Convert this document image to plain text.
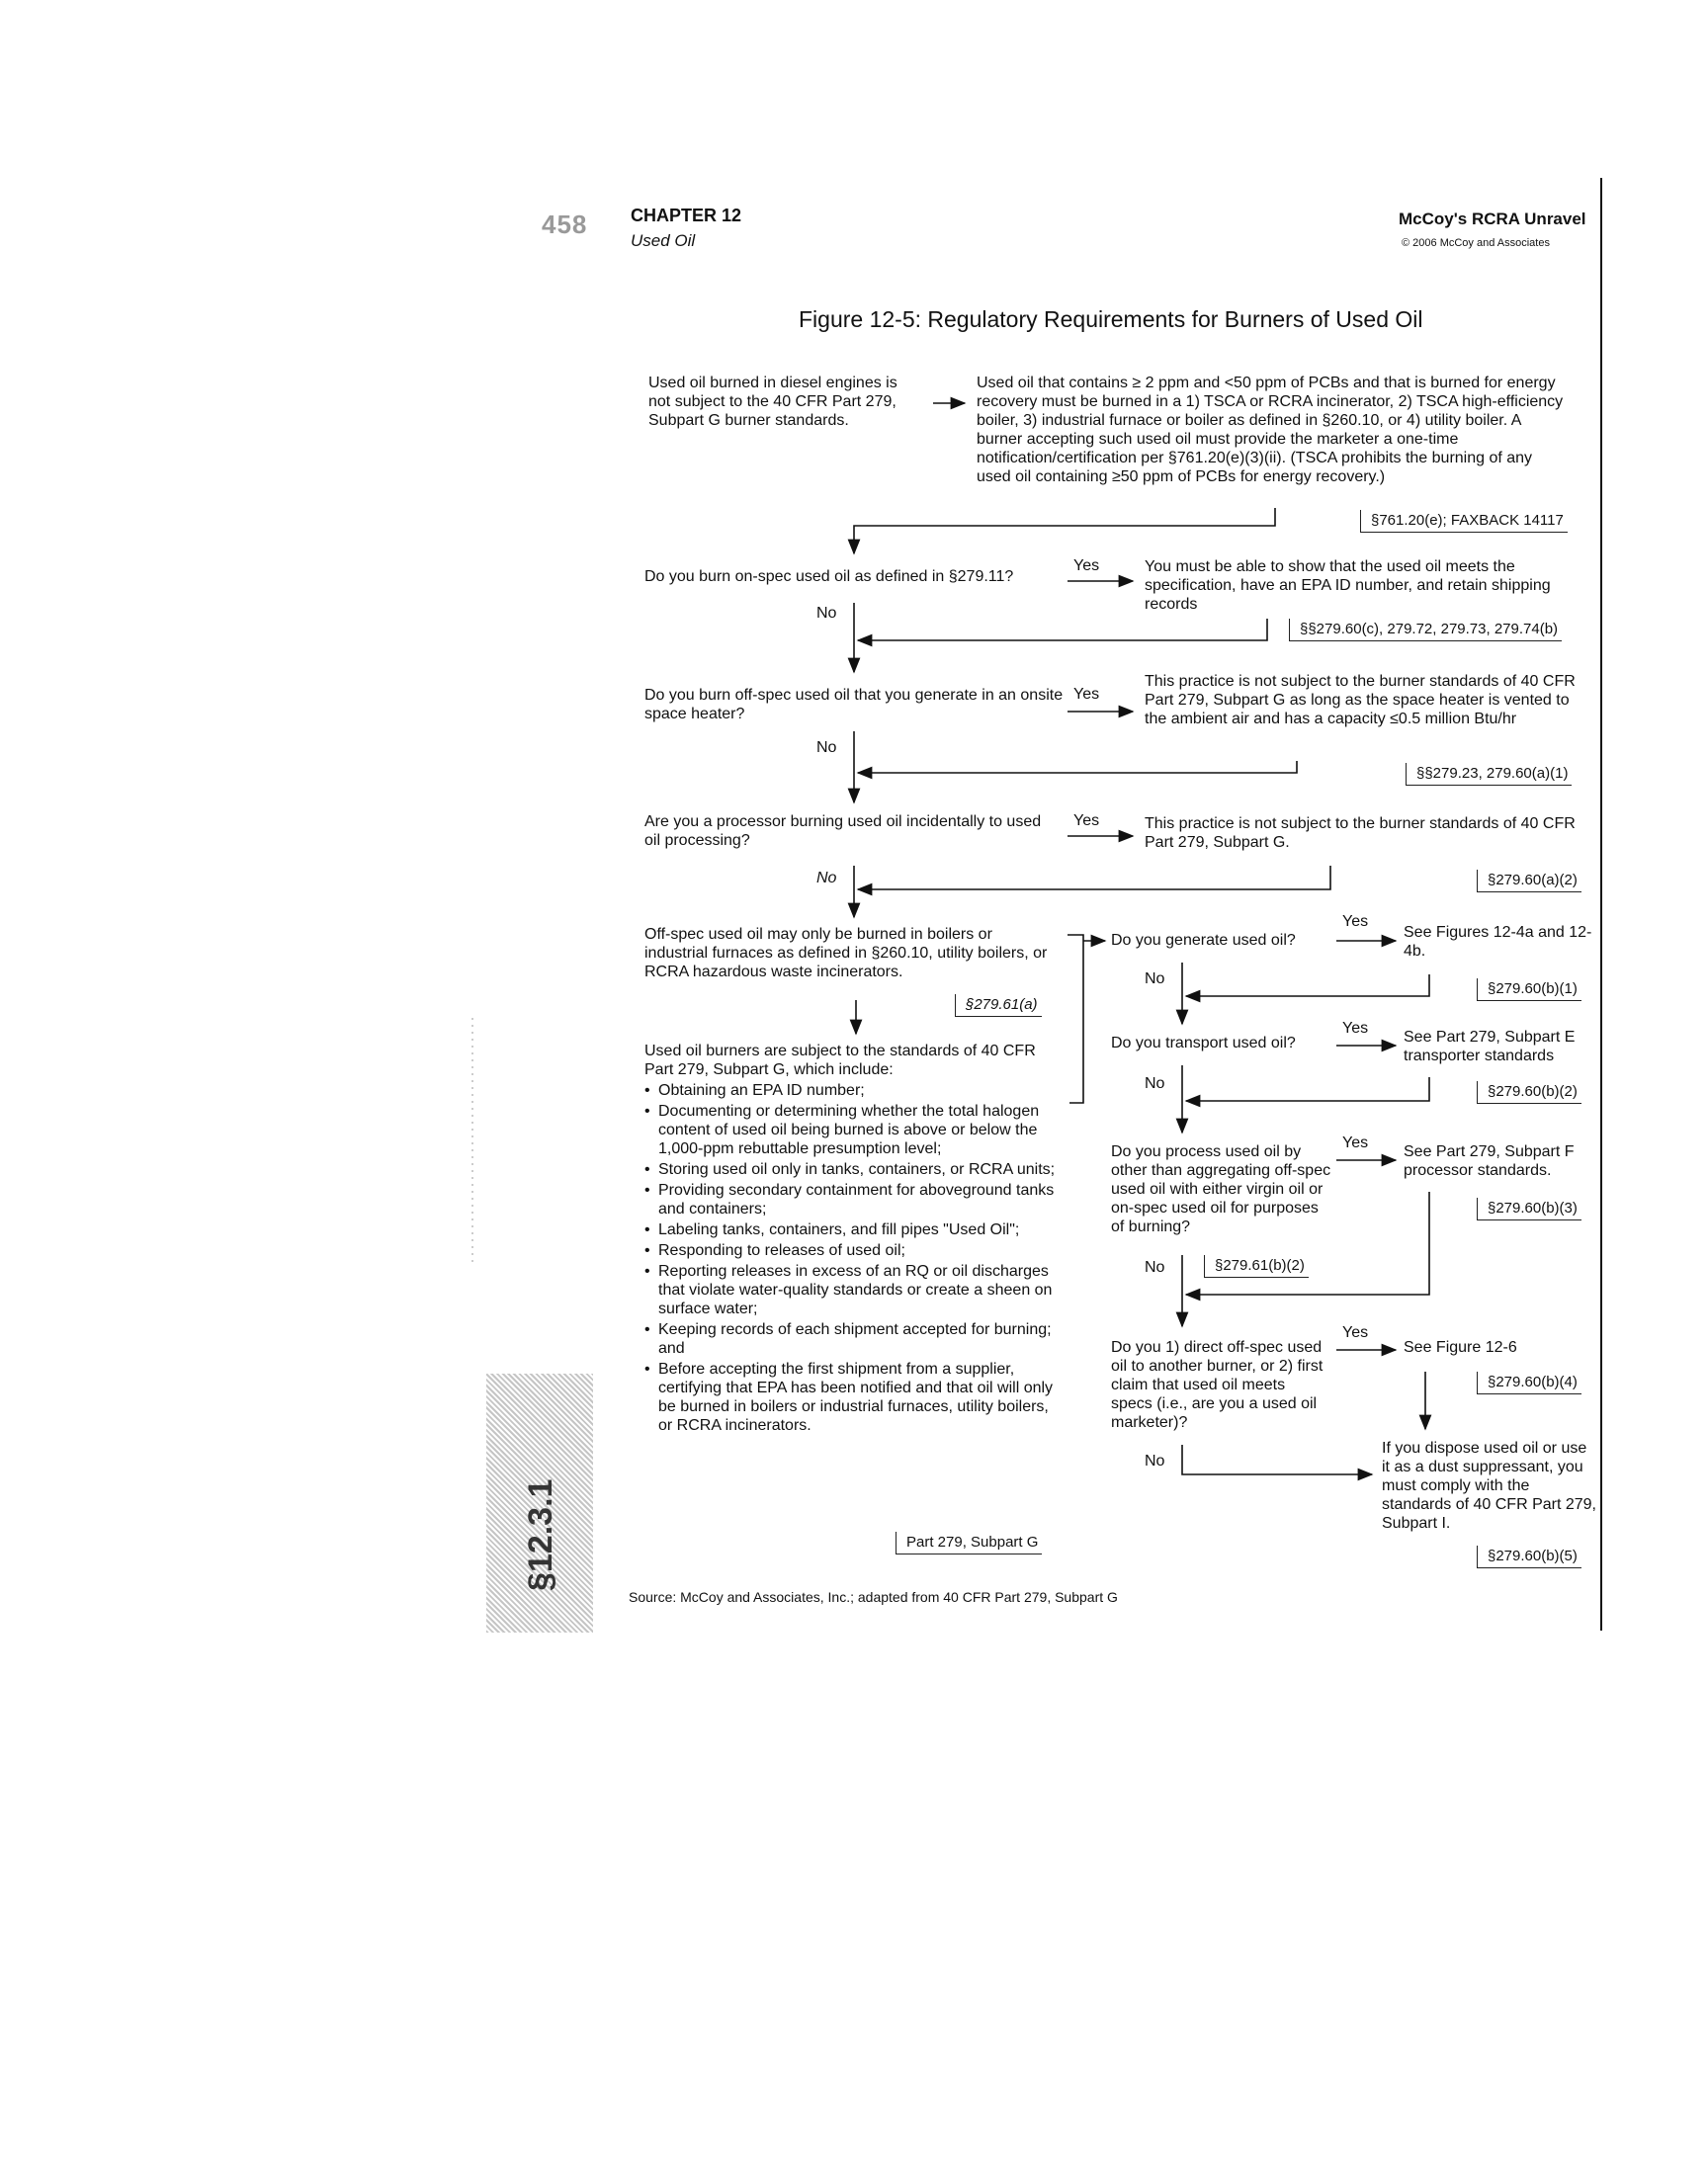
458 CHAPTER 12
Used Oil
McCoy's RCRA Unravel
© 2006 McCoy and Associates
Figure 12-5: Regulatory Requirements for Burners of Used Oil
Used oil burned in diesel engines is not subject to the 40 CFR Part 279, Subpart G burner standards.
Used oil that contains ≥ 2 ppm and <50 ppm of PCBs and that is burned for energy recovery must be burned in a 1) TSCA or RCRA incinerator, 2) TSCA high-efficiency boiler, 3) industrial furnace or boiler as defined in §260.10, or 4) utility boiler. A burner accepting such used oil must provide the marketer a one-time notification/certification per §761.20(e)(3)(ii). (TSCA prohibits the burning of any used oil containing ≥50 ppm of PCBs for energy recovery.)
§761.20(e); FAXBACK 14117
Do you burn on-spec used oil as defined in §279.11?
You must be able to show that the used oil meets the specification, have an EPA ID number, and retain shipping records
§§279.60(c), 279.72, 279.73, 279.74(b)
Do you burn off-spec used oil that you generate in an onsite space heater?
This practice is not subject to the burner standards of 40 CFR Part 279, Subpart G as long as the space heater is vented to the ambient air and has a capacity ≤0.5 million Btu/hr
§§279.23, 279.60(a)(1)
Are you a processor burning used oil incidentally to used oil processing?
This practice is not subject to the burner standards of 40 CFR Part 279, Subpart G.
§279.60(a)(2)
Off-spec used oil may only be burned in boilers or industrial furnaces as defined in §260.10, utility boilers, or RCRA hazardous waste incinerators.
§279.61(a)
Used oil burners are subject to the standards of 40 CFR Part 279, Subpart G, which include:
• Obtaining an EPA ID number;
• Documenting or determining whether the total halogen content of used oil being burned is above or below the 1,000-ppm rebuttable presumption level;
• Storing used oil only in tanks, containers, or RCRA units;
• Providing secondary containment for aboveground tanks and containers;
• Labeling tanks, containers, and fill pipes "Used Oil";
• Responding to releases of used oil;
• Reporting releases in excess of an RQ or oil discharges that violate water-quality standards or create a sheen on surface water;
• Keeping records of each shipment accepted for burning; and
• Before accepting the first shipment from a supplier, certifying that EPA has been notified and that oil will only be burned in boilers or industrial furnaces, utility boilers, or RCRA incinerators.
Part 279, Subpart G
Do you generate used oil?	See Figures 12-4a and 12-4b.
§279.60(b)(1)
Do you transport used oil?	See Part 279, Subpart E transporter standards
§279.60(b)(2)
Do you process used oil by other than aggregating off-spec used oil with either virgin oil or on-spec used oil for purposes of burning?
See Part 279, Subpart F processor standards.
§279.60(b)(3)
§279.61(b)(2)
Do you 1) direct off-spec used oil to another burner, or 2) first claim that used oil meets specs (i.e., are you a used oil marketer)?
See Figure 12-6
§279.60(b)(4)
If you dispose used oil or use it as a dust suppressant, you must comply with the standards of 40 CFR Part 279, Subpart I.
§279.60(b)(5)
Yes
No
Yes
No
Yes
No
Yes
No
Yes
No
Yes
No
Yes
No
Source: McCoy and Associates, Inc.; adapted from 40 CFR Part 279, Subpart G
§12.3.1
